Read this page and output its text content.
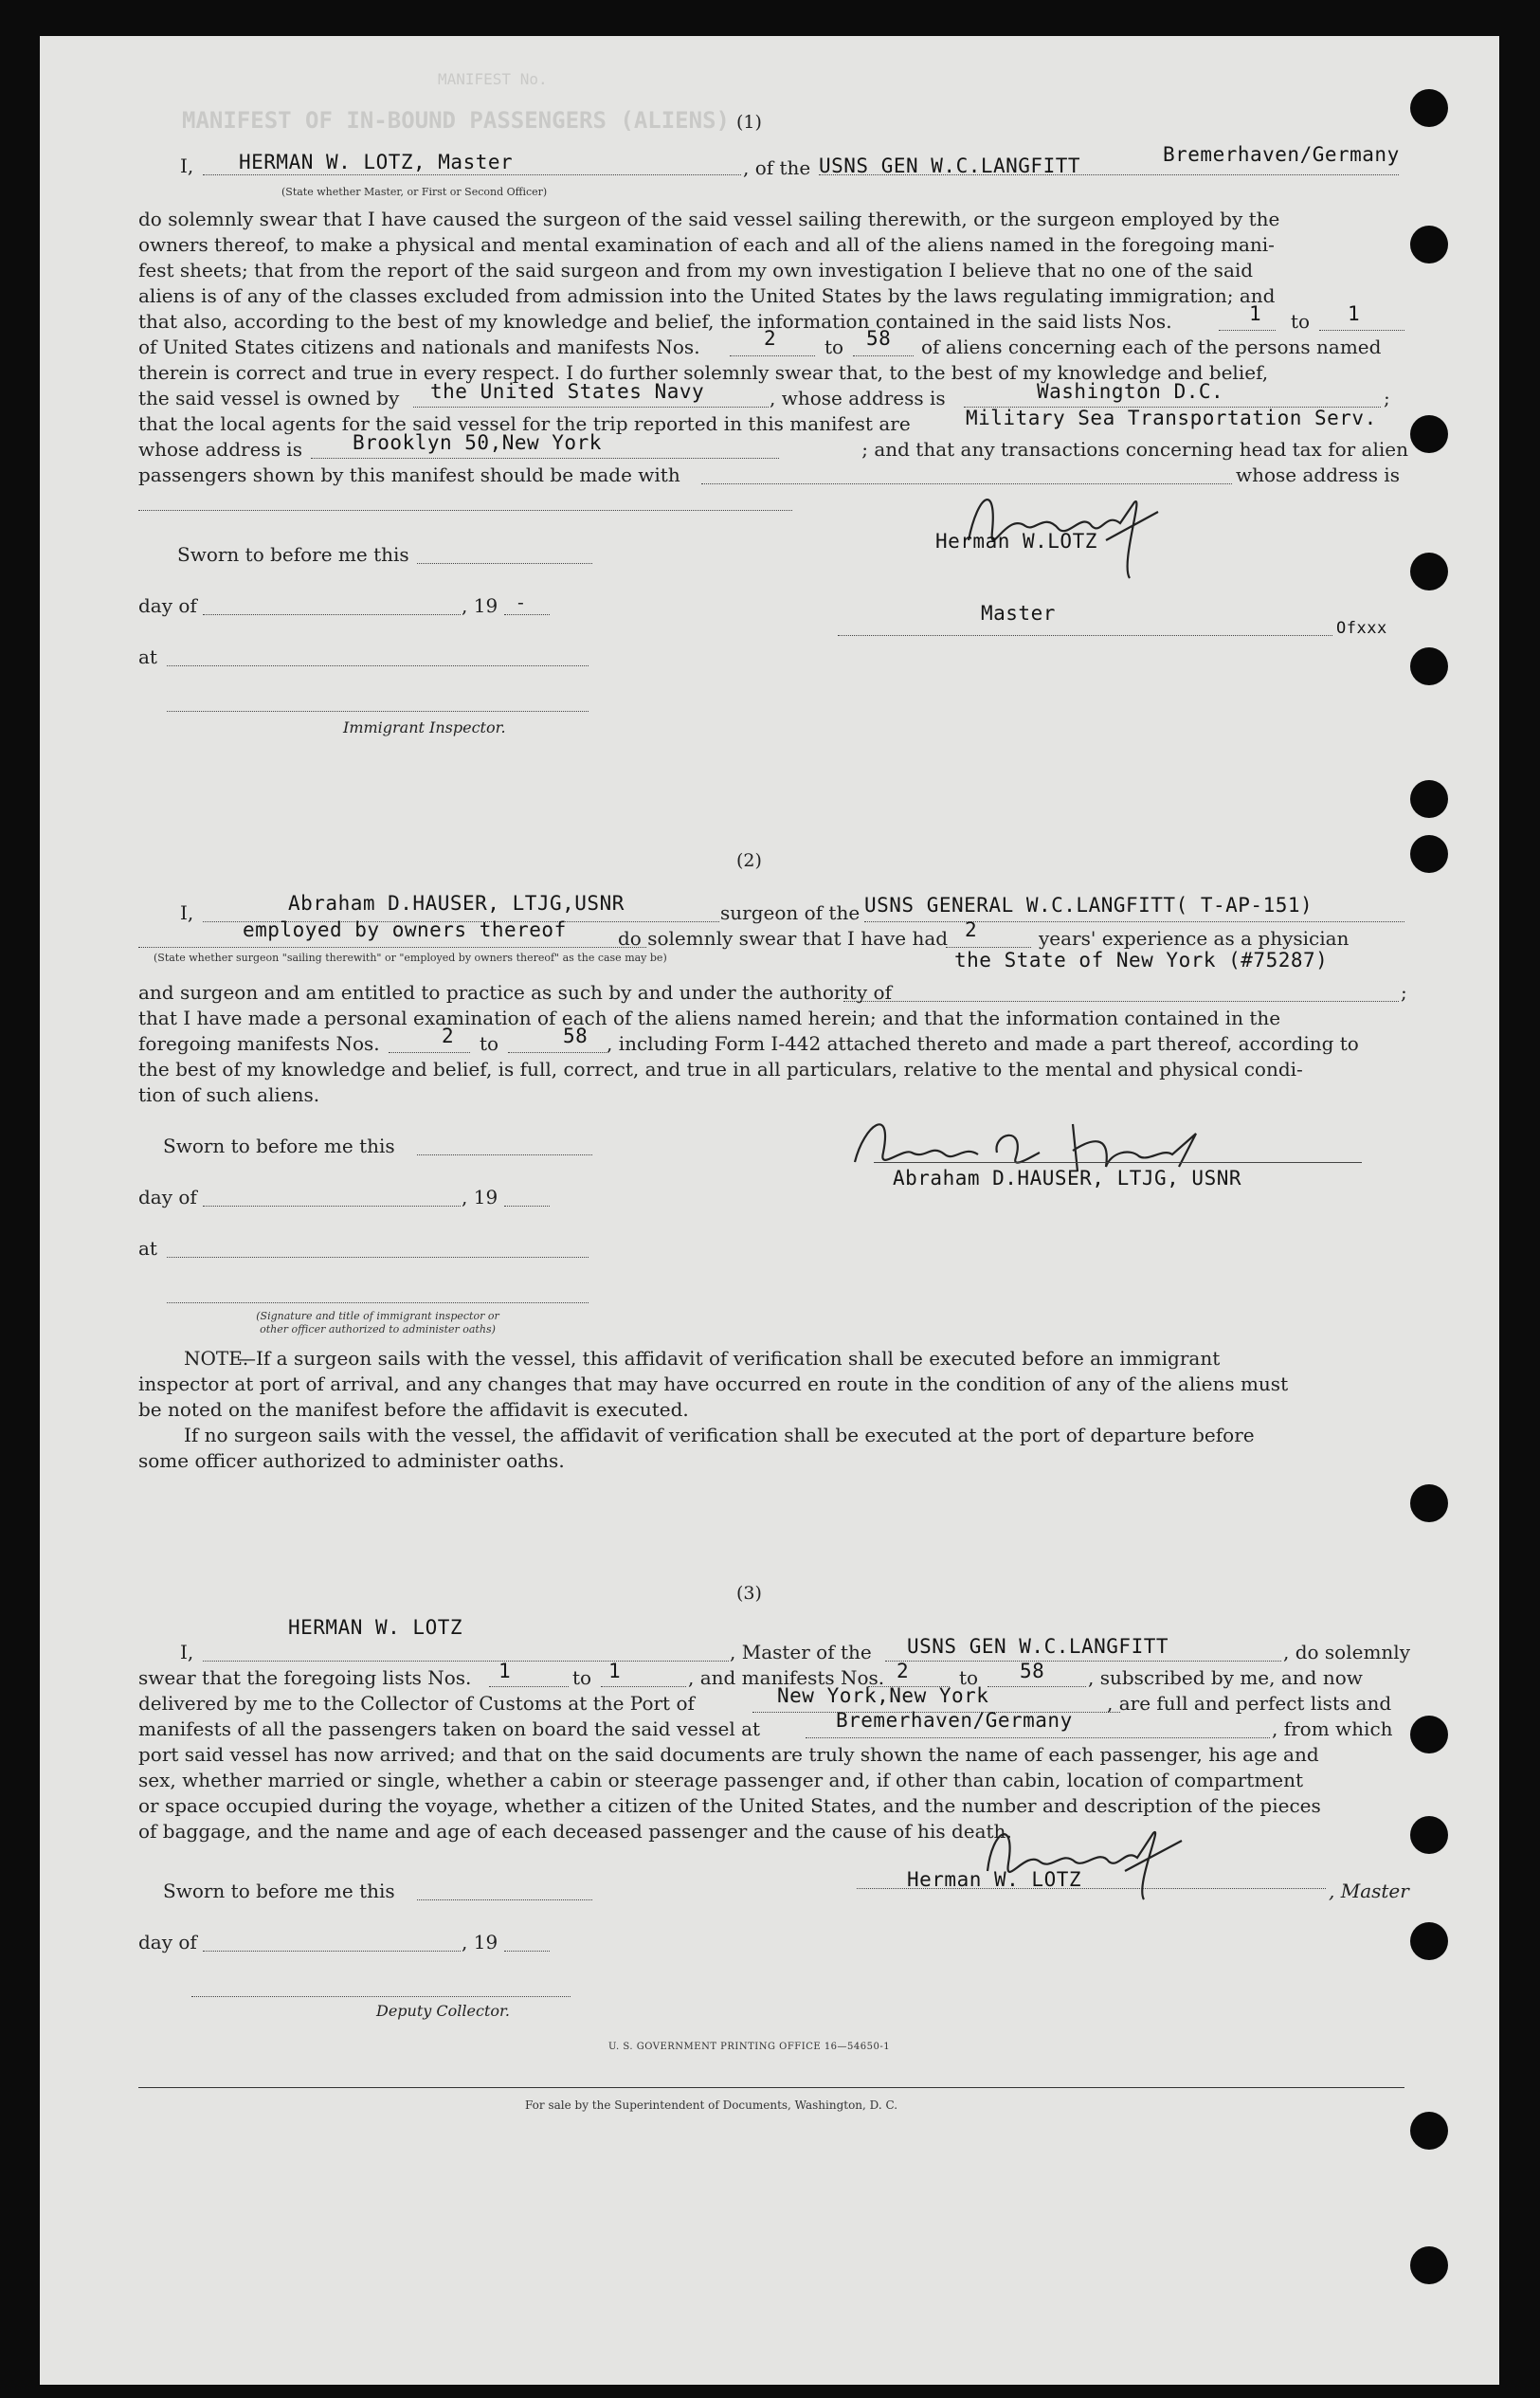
MANIFEST OF IN-BOUND PASSENGERS (ALIENS)
MANIFEST No.
(1)
I, HERMAN W. LOTZ, Master
(State whether Master, or First or Second Officer)
, of the USNS GEN W.C.LANGFITT	Bremerhaven/Germany
do solemnly swear that I have caused the surgeon of the said vessel sailing therewith, or the surgeon employed by the
owners thereof, to make a physical and mental examination of each and all of the aliens named in the foregoing mani-
fest sheets; that from the report of the said surgeon and from my own investigation I believe that no one of the said
aliens is of any of the classes excluded from admission into the United States by the laws regulating immigration; and
that also, according to the best of my knowledge and belief, the information contained in the said lists Nos.	1 to 1
of United States citizens and nationals and manifests Nos.	2	to 58 of aliens concerning each of the persons named
therein is correct and true in every respect. I do further solemnly swear that, to the best of my knowledge and belief,
the said vessel is owned by the United States Navy	, whose address is	Washington D.C.	;
that the local agents for the said vessel for the trip reported in this manifest are	Military Sea Transportation Serv.
whose address is	Brooklyn 50,New York	; and that any transactions concerning head tax for alien
passengers shown by this manifest should be made with	whose address is
Herman W.LOTZ
Sworn to before me this
day of	, 19 -
at
Immigrant Inspector.
Master
Ofxxx
(2)
I,	Abraham D.HAUSER, LTJG,USNR	surgeon of the USNS GENERAL W.C.LANGFITT( T-AP-151)
employed by owners thereof	do solemnly swear that I have had 2	years' experience as a physician
(State whether surgeon "sailing therewith" or "employed by owners thereof" as the case may be)	the State of New York (#75287)
and surgeon and am entitled to practice as such by and under the authority of	;
that I have made a personal examination of each of the aliens named herein; and that the information contained in the
foregoing manifests Nos.	2 to	58 , including Form I-442 attached thereto and made a part thereof, according to
the best of my knowledge and belief, is full, correct, and true in all particulars, relative to the mental and physical condi-
tion of such aliens.
Abraham D.HAUSER, LTJG, USNR
Sworn to before me this
day of	, 19
at
(Signature and title of immigrant inspector or
other officer authorized to administer oaths)
NOTE.
—If a surgeon sails with the vessel, this affidavit of verification shall be executed before an immigrant
inspector at port of arrival, and any changes that may have occurred en route in the condition of any of the aliens must
be noted on the manifest before the affidavit is executed.
If no surgeon sails with the vessel, the affidavit of verification shall be executed at the port of departure before
some officer authorized to administer oaths.
(3)
HERMAN W. LOTZ
I,	, Master of the USNS GEN W.C.LANGFITT	, do solemnly
swear that the foregoing lists Nos. 1	to 1	, and manifests Nos. 2	to 58 , subscribed by me, and now
delivered by me to the Collector of Customs at the Port of	New York,New York	, are full and perfect lists and
manifests of all the passengers taken on board the said vessel at	Bremerhaven/Germany	, from which
port said vessel has now arrived; and that on the said documents are truly shown the name of each passenger, his age and
sex, whether married or single, whether a cabin or steerage passenger and, if other than cabin, location of compartment
or space occupied during the voyage, whether a citizen of the United States, and the number and description of the pieces
of baggage, and the name and age of each deceased passenger and the cause of his death.
Herman W. LOTZ	, Master
Sworn to before me this
day of	, 19
Deputy Collector.
U. S. GOVERNMENT PRINTING OFFICE 16—54650-1
For sale by the Superintendent of Documents, Washington, D. C.
